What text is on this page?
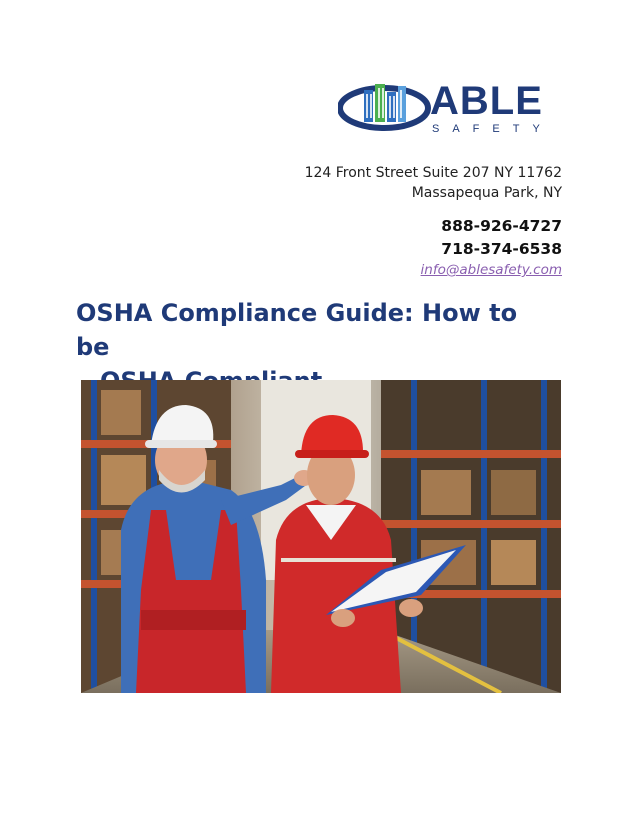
ABLE
SAFETY
124 Front Street Suite 207 NY 11762
Massapequa Park, NY
888-926-4727
718-374-6538
info@ablesafety.com
OSHA Compliance Guide: How to be
